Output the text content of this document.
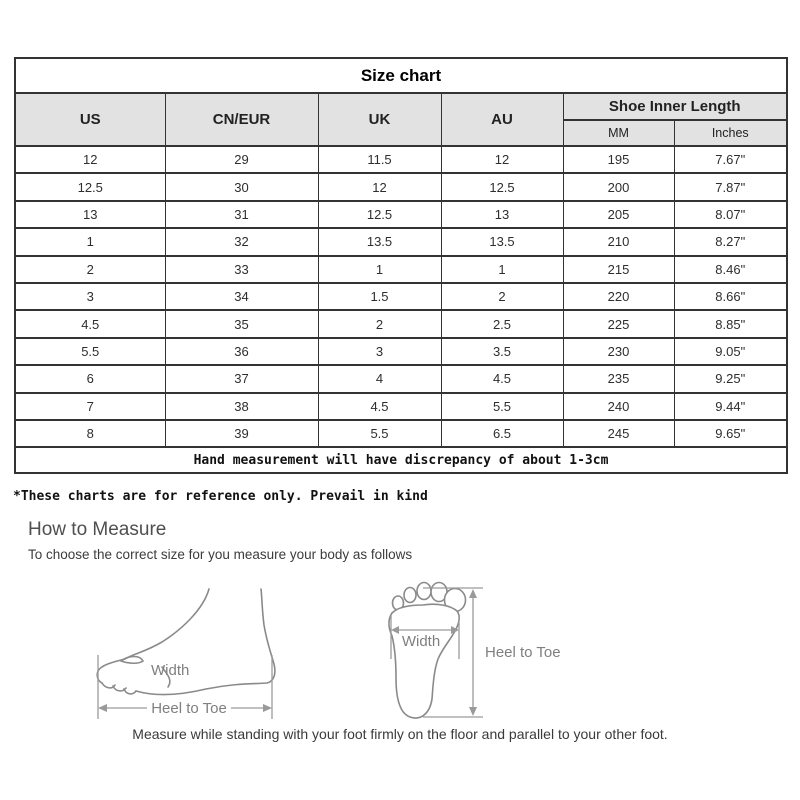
Size chart					
US	CN/EUR	UK	AU	Shoe Inner Length	
				MM	Inches
12	29	11.5	12	195	7.67"
12.5	30	12	12.5	200	7.87"
13	31	12.5	13	205	8.07"
1	32	13.5	13.5	210	8.27"
2	33	1	1	215	8.46"
3	34	1.5	2	220	8.66"
4.5	35	2	2.5	225	8.85"
5.5	36	3	3.5	230	9.05"
6	37	4	4.5	235	9.25"
7	38	4.5	5.5	240	9.44"
8	39	5.5	6.5	245	9.65"
Hand measurement will have discrepancy of about 1-3cm					
*These charts are for reference only. Prevail in kind
How to Measure

To choose the correct size for you measure your body as follows

Width
Heel to Toe
Width
Heel to Toe

Measure while standing with your foot firmly on the floor and parallel to your other foot.
